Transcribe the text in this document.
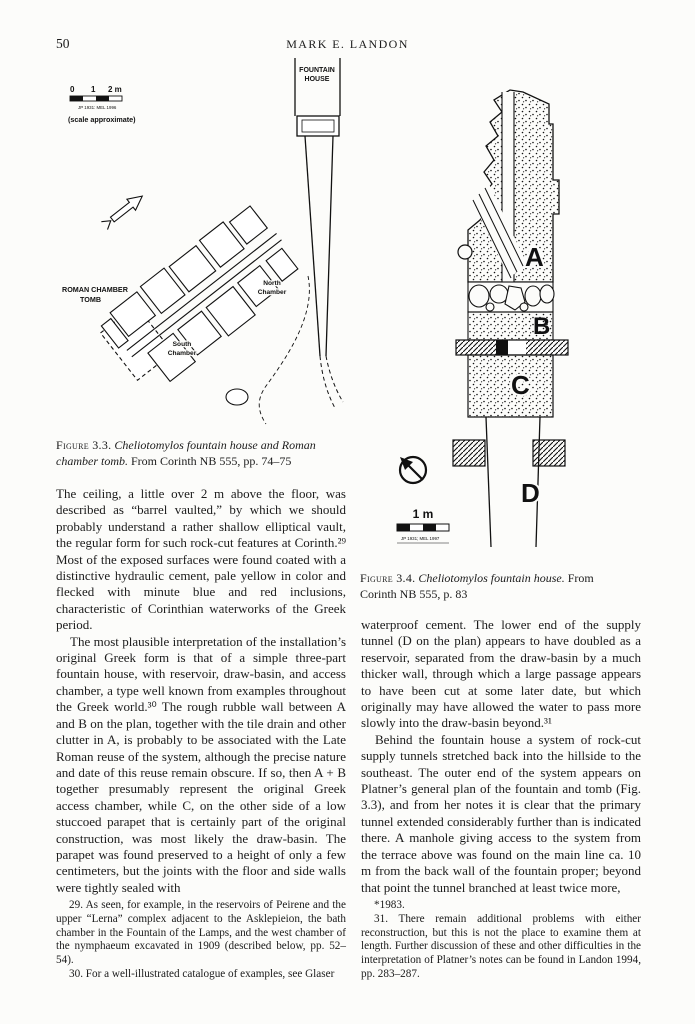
50	MARK E. LANDON
0 1 2 m
JP 1931: MEL 1996
(scale approximate)
FOUNTAIN
HOUSE
ROMAN CHAMBER
TOMB
North
Chamber
South
Chamber
Figure 3.3. Cheliotomylos fountain house and Roman chamber tomb. From Corinth NB 555, pp. 74–75
A
C
D
1 m
JP 1931; MEL 1997
Figure 3.4. Cheliotomylos fountain house. From Corinth NB 555, p. 83

The ceiling, a little over 2 m above the floor, was described as “barrel vaulted,” by which we should probably understand a rather shallow elliptical vault, the regular form for such rock-cut features at Corinth.²⁹ Most of the exposed surfaces were found coated with a distinctive hydraulic cement, pale yellow in color and flecked with minute blue and red inclusions, characteristic of Corinthian waterworks of the Greek period.

The most plausible interpretation of the installation’s original Greek form is that of a simple three-part fountain house, with reservoir, draw-basin, and access chamber, a type well known from examples throughout the Greek world.³⁰ The rough rubble wall between A and B on the plan, together with the tile drain and other clutter in A, is probably to be associated with the Late Roman reuse of the system, although the precise nature and date of this reuse remain obscure. If so, then A + B together presumably represent the original Greek access chamber, while C, on the other side of a low stuccoed parapet that is certainly part of the original construction, was most likely the draw-basin. The parapet was found preserved to a height of only a few centimeters, but the joints with the floor and side walls were tightly sealed with

waterproof cement. The lower end of the supply tunnel (D on the plan) appears to have doubled as a reservoir, separated from the draw-basin by a much thicker wall, through which a large passage appears to have been cut at some later date, but which originally may have allowed the water to pass more slowly into the draw-basin beyond.³¹

Behind the fountain house a system of rock-cut supply tunnels stretched back into the hillside to the southeast. The outer end of the system appears on Platner’s general plan of the fountain and tomb (Fig. 3.3), and from her notes it is clear that the primary tunnel extended considerably further than is indicated there. A manhole giving access to the system from the terrace above was found on the main line ca. 10 m from the back wall of the fountain proper; beyond that point the tunnel branched at least twice more,

29. As seen, for example, in the reservoirs of Peirene and the upper “Lerna” complex adjacent to the Asklepieion, the bath chamber in the Fountain of the Lamps, and the west chamber of the nymphaeum excavated in 1909 (described below, pp. 52–54).

30. For a well-illustrated catalogue of examples, see Glaser

*1983.

31. There remain additional problems with either reconstruction, but this is not the place to examine them at length. Further discussion of these and other difficulties in the interpretation of Platner’s notes can be found in Landon 1994, pp. 283–287.
